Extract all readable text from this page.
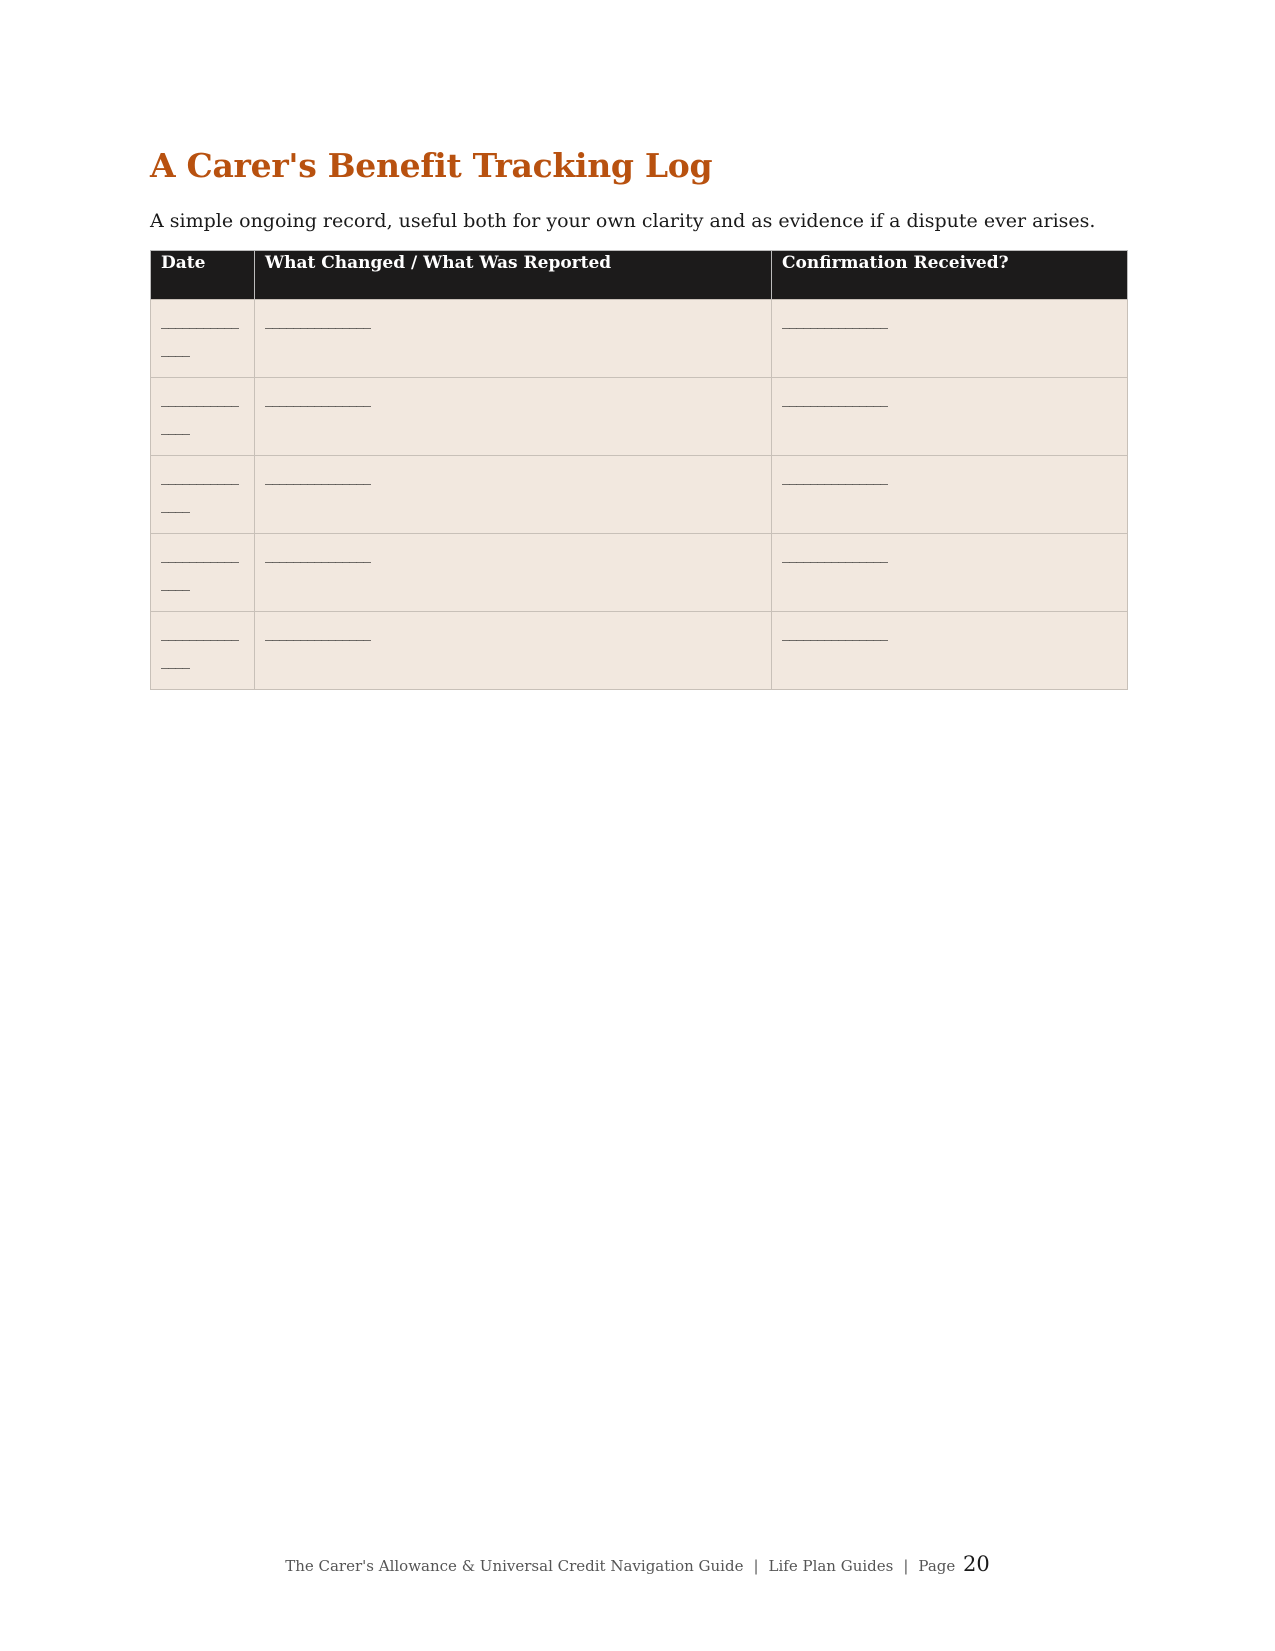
A Carer's Benefit Tracking Log

A simple ongoing record, useful both for your own clarity and as evidence if a dispute ever arises.

Date	What Changed / What Was Reported	Confirmation Received?

_______________	_______________	_______________

_______________	_______________	_______________

_______________	_______________	_______________

_______________	_______________	_______________

_______________	_______________	_______________
The Carer's Allowance & Universal Credit Navigation Guide | Life Plan Guides | Page 20
